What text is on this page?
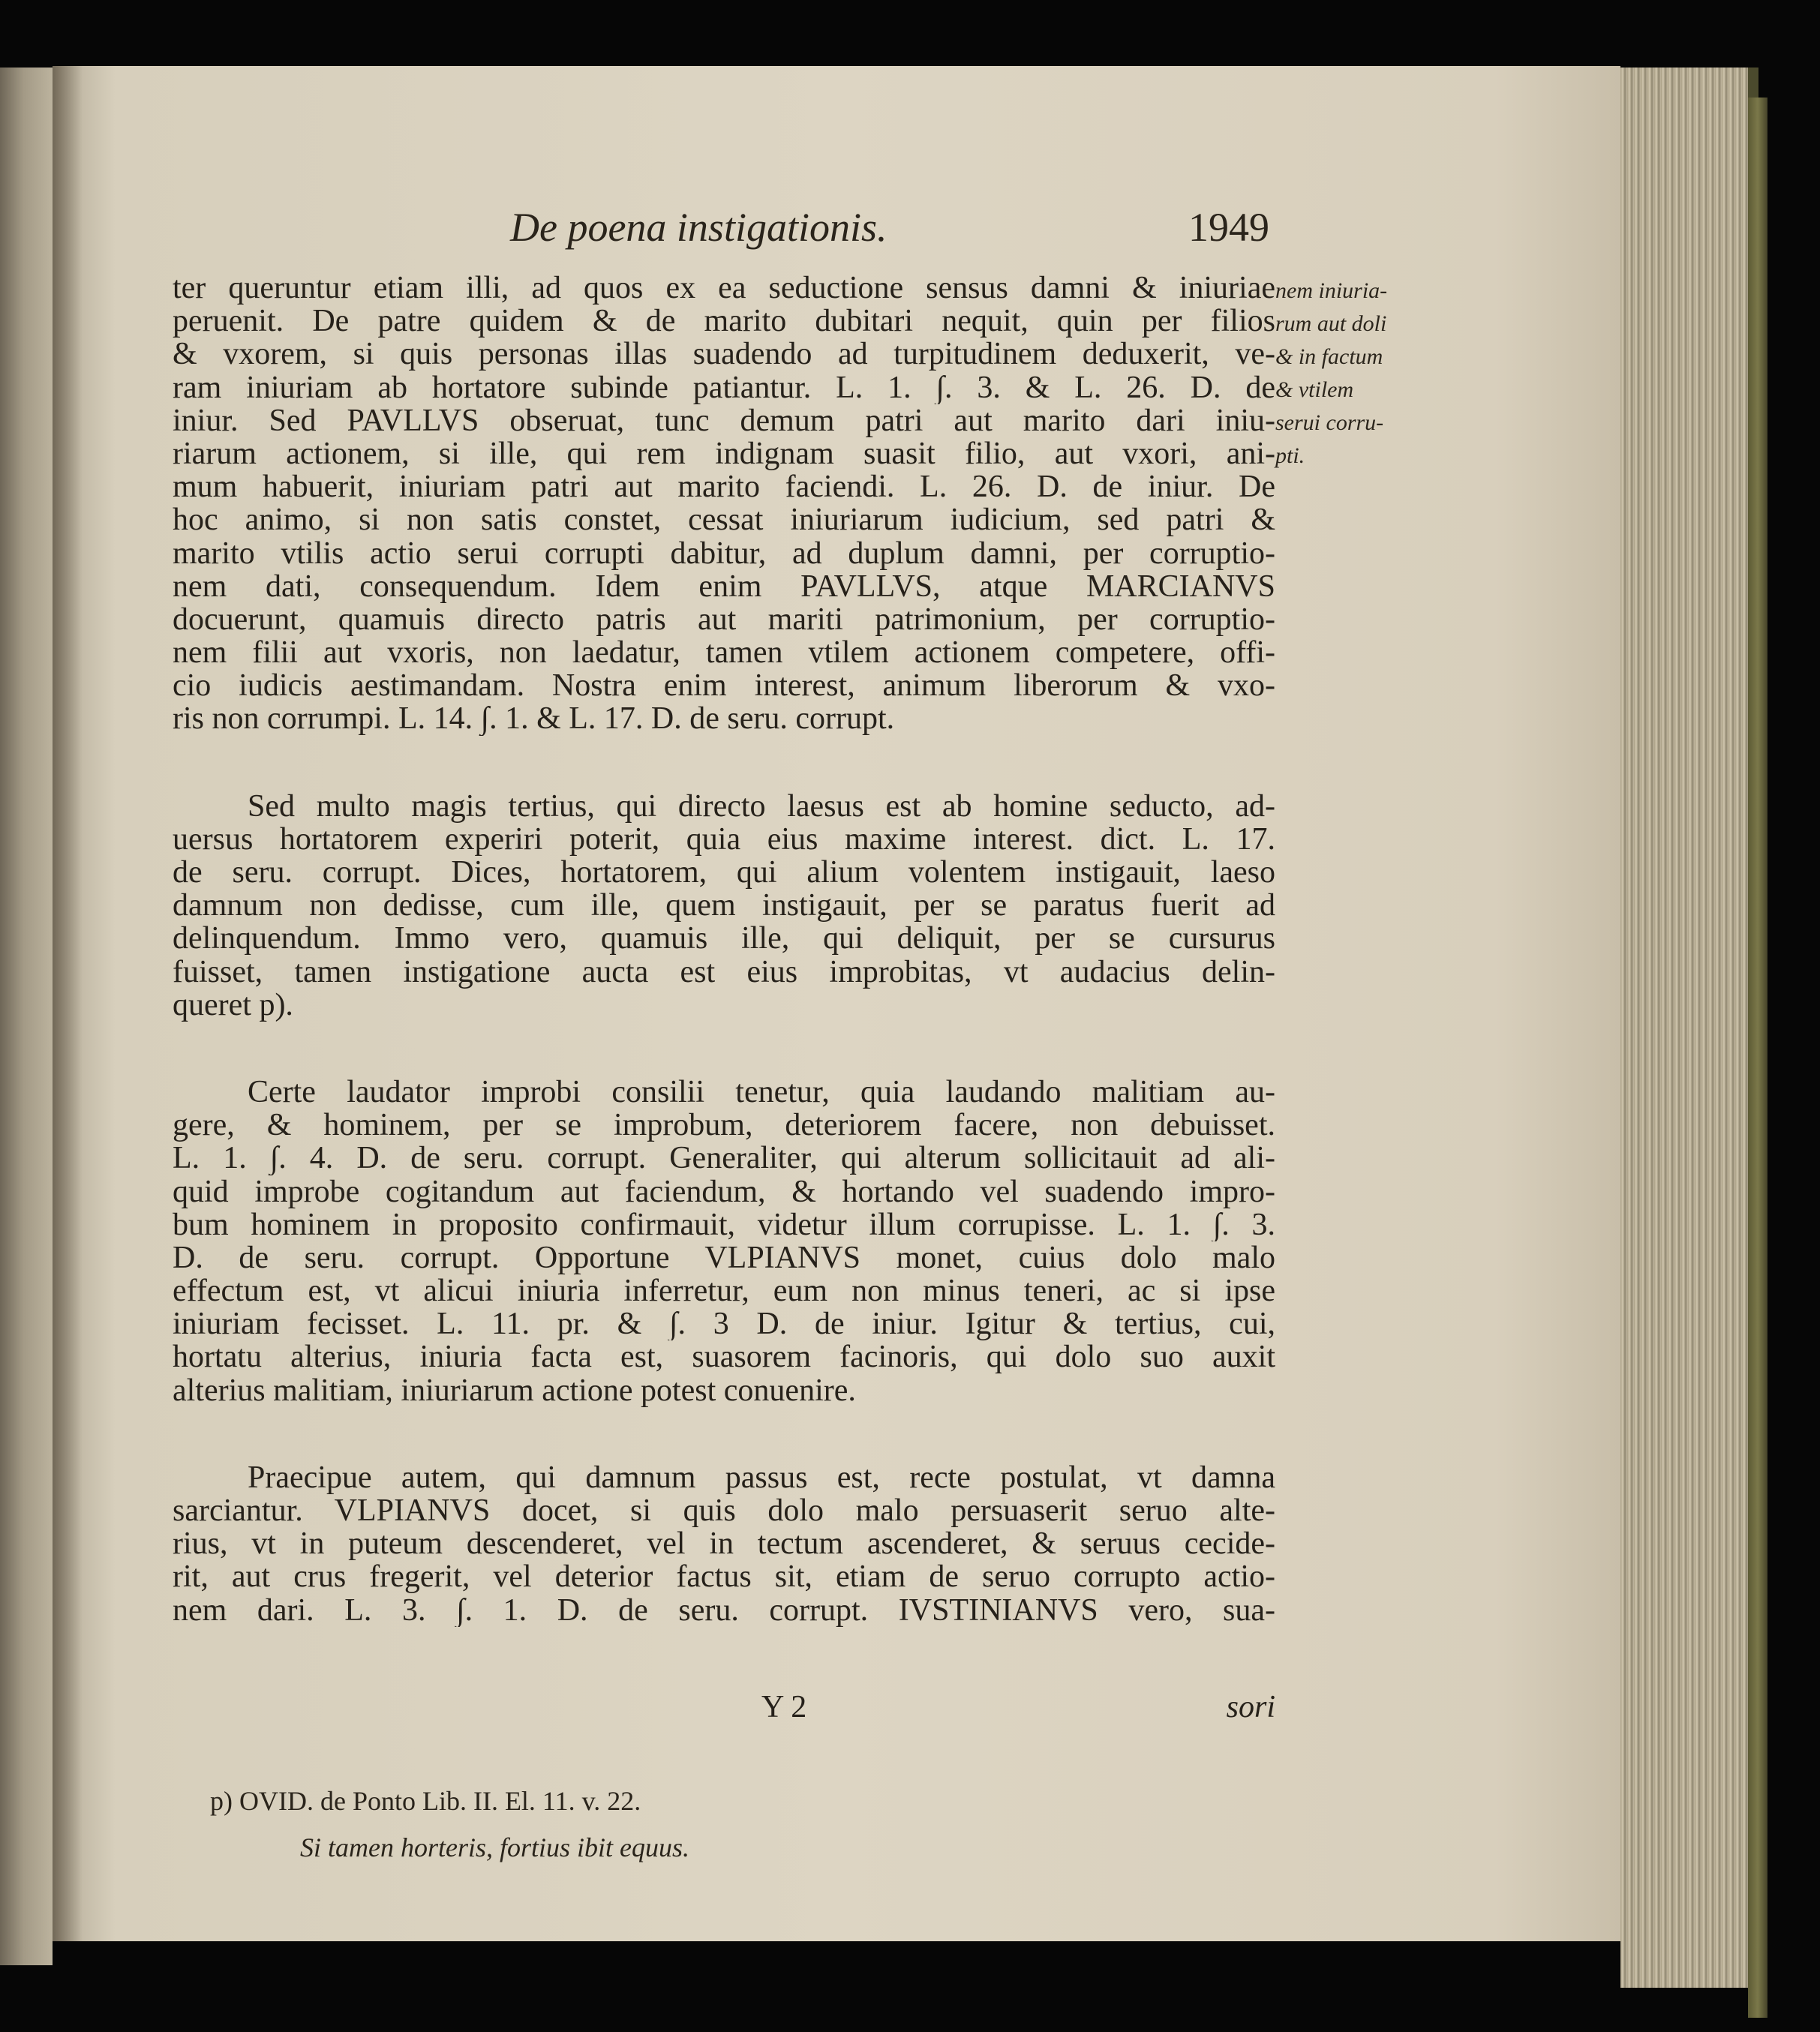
De poena instigationis.	1949
nem iniuria-
rum aut doli
& in factum
& vtilem
serui corru-
pti.
ter queruntur etiam illi, ad quos ex ea seductione sensus damni & iniuriae
peruenit. De patre quidem & de marito dubitari nequit, quin per filios
& vxorem, si quis personas illas suadendo ad turpitudinem deduxerit, ve-
ram iniuriam ab hortatore subinde patiantur. L. 1. ∫. 3. & L. 26. D. de
iniur. Sed PAVLLVS obseruat, tunc demum patri aut marito dari iniu-
riarum actionem, si ille, qui rem indignam suasit filio, aut vxori, ani-
mum habuerit, iniuriam patri aut marito faciendi. L. 26. D. de iniur. De
hoc animo, si non satis constet, cessat iniuriarum iudicium, sed patri &
marito vtilis actio serui corrupti dabitur, ad duplum damni, per corruptio-
nem dati, consequendum. Idem enim PAVLLVS, atque MARCIANVS
docuerunt, quamuis directo patris aut mariti patrimonium, per corruptio-
nem filii aut vxoris, non laedatur, tamen vtilem actionem competere, offi-
cio iudicis aestimandam. Nostra enim interest, animum liberorum & vxo-
ris non corrumpi. L. 14. ∫. 1. & L. 17. D. de seru. corrupt.
Sed multo magis tertius, qui directo laesus est ab homine seducto, ad-
uersus hortatorem experiri poterit, quia eius maxime interest. dict. L. 17.
de seru. corrupt. Dices, hortatorem, qui alium volentem instigauit, laeso
damnum non dedisse, cum ille, quem instigauit, per se paratus fuerit ad
delinquendum. Immo vero, quamuis ille, qui deliquit, per se cursurus
fuisset, tamen instigatione aucta est eius improbitas, vt audacius delin-
queret p).
Certe laudator improbi consilii tenetur, quia laudando malitiam au-
gere, & hominem, per se improbum, deteriorem facere, non debuisset.
L. 1. ∫. 4. D. de seru. corrupt. Generaliter, qui alterum sollicitauit ad ali-
quid improbe cogitandum aut faciendum, & hortando vel suadendo impro-
bum hominem in proposito confirmauit, videtur illum corrupisse. L. 1. ∫. 3.
D. de seru. corrupt. Opportune VLPIANVS monet, cuius dolo malo
effectum est, vt alicui iniuria inferretur, eum non minus teneri, ac si ipse
iniuriam fecisset. L. 11. pr. & ∫. 3 D. de iniur. Igitur & tertius, cui,
hortatu alterius, iniuria facta est, suasorem facinoris, qui dolo suo auxit
alterius malitiam, iniuriarum actione potest conuenire.
Praecipue autem, qui damnum passus est, recte postulat, vt damna
sarciantur. VLPIANVS docet, si quis dolo malo persuaserit seruo alte-
rius, vt in puteum descenderet, vel in tectum ascenderet, & seruus cecide-
rit, aut crus fregerit, vel deterior factus sit, etiam de seruo corrupto actio-
nem dari. L. 3. ∫. 1. D. de seru. corrupt. IVSTINIANVS vero, sua-
Y 2	sori
p) OVID. de Ponto Lib. II. El. 11. v. 22.
Si tamen horteris, fortius ibit equus.
